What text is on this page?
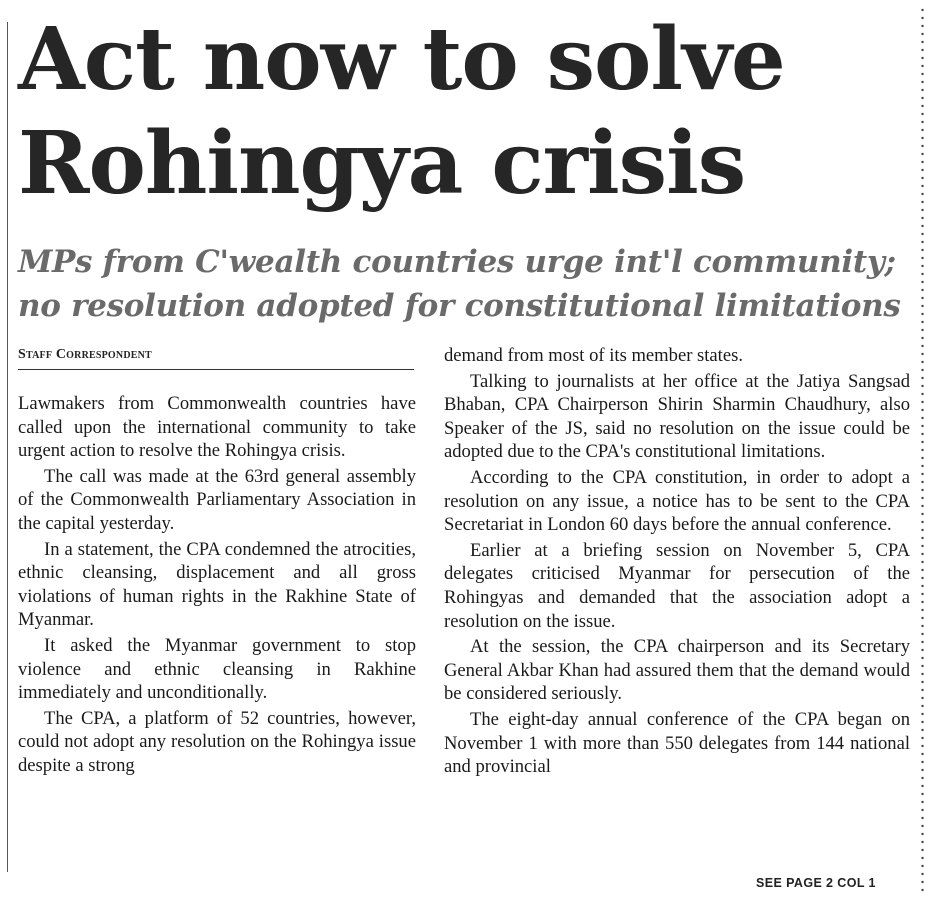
Act now to solve Rohingya crisis
MPs from C'wealth countries urge int'l community; no resolution adopted for constitutional limitations
Staff Correspondent

Lawmakers from Commonwealth countries have called upon the international community to take urgent action to resolve the Rohingya crisis.

The call was made at the 63rd general assembly of the Commonwealth Parliamentary Association in the capital yesterday.

In a statement, the CPA condemned the atrocities, ethnic cleansing, displacement and all gross violations of human rights in the Rakhine State of Myanmar.

It asked the Myanmar government to stop violence and ethnic cleansing in Rakhine immediately and unconditionally.

The CPA, a platform of 52 countries, however, could not adopt any resolution on the Rohingya issue despite a strong

demand from most of its member states.

Talking to journalists at her office at the Jatiya Sangsad Bhaban, CPA Chairperson Shirin Sharmin Chaudhury, also Speaker of the JS, said no resolution on the issue could be adopted due to the CPA's constitutional limitations.

According to the CPA constitution, in order to adopt a resolution on any issue, a notice has to be sent to the CPA Secretariat in London 60 days before the annual conference.

Earlier at a briefing session on November 5, CPA delegates criticised Myanmar for persecution of the Rohingyas and demanded that the association adopt a resolution on the issue.

At the session, the CPA chairperson and its Secretary General Akbar Khan had assured them that the demand would be considered seriously.

The eight-day annual conference of the CPA began on November 1 with more than 550 delegates from 144 national and provincial

SEE PAGE 2 COL 1
